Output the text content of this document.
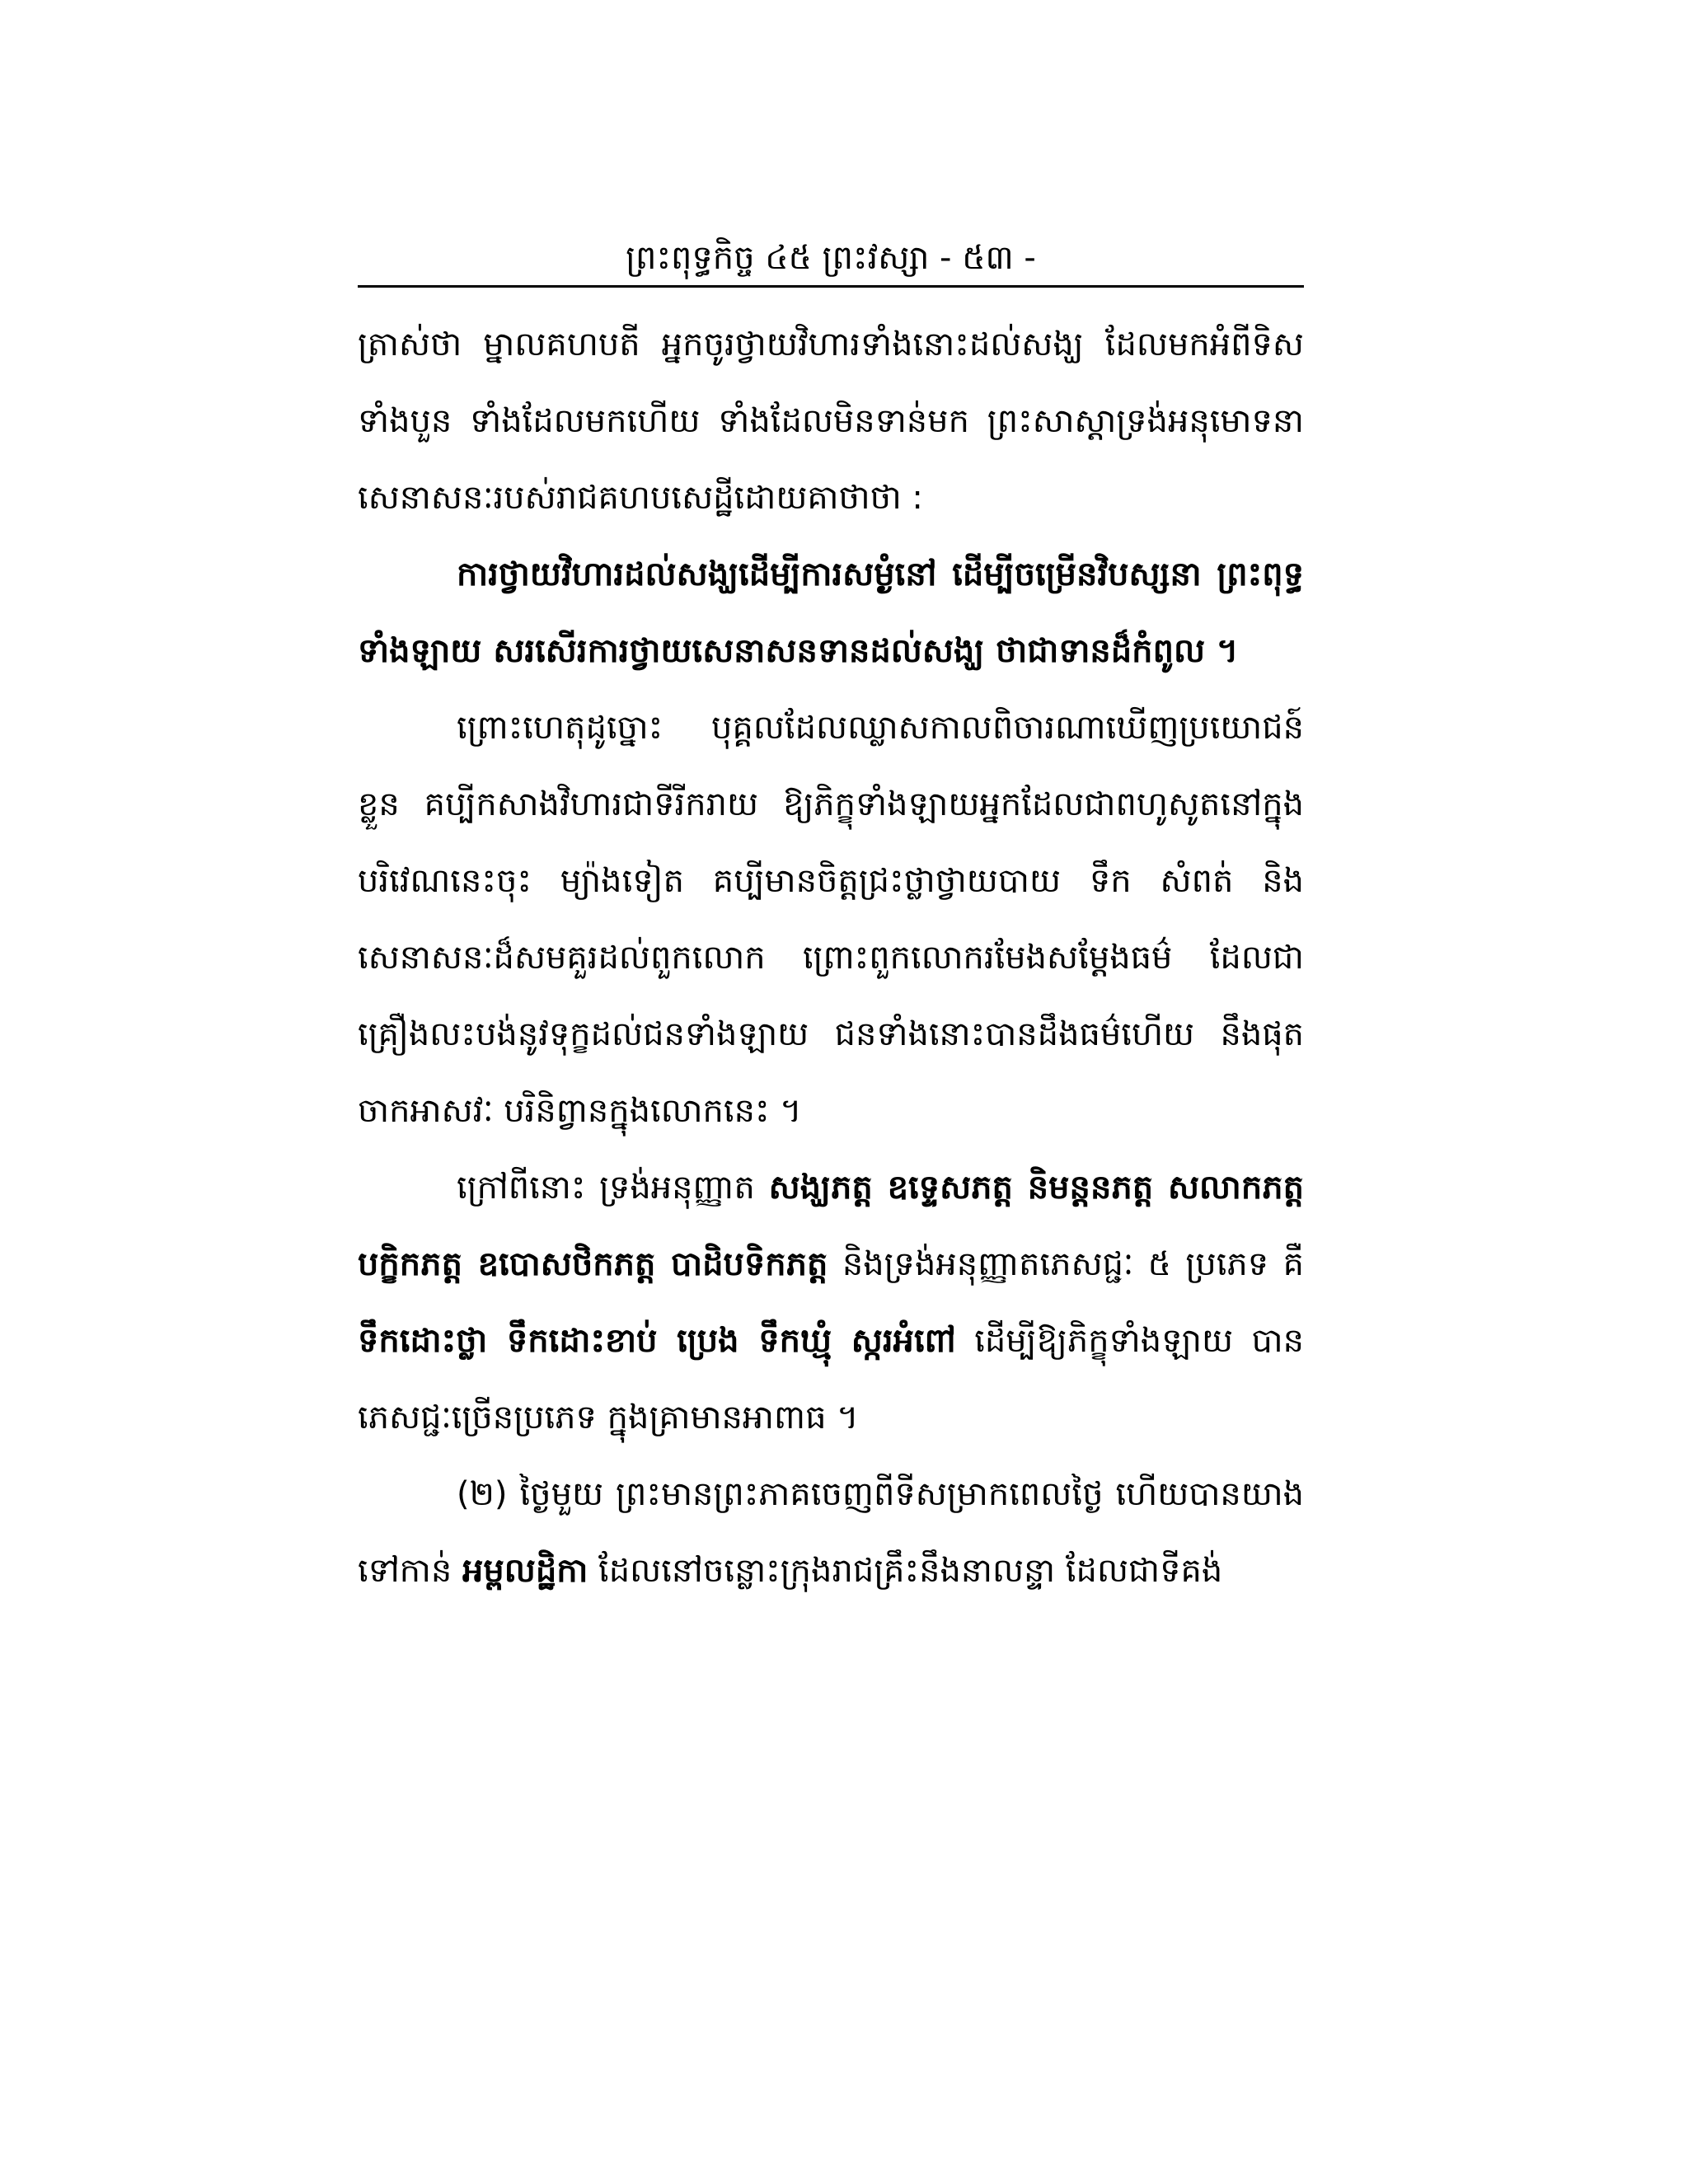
ព្រះពុទ្ធកិច្ច ៤៥ ព្រះវស្សា - ៥៣ -

ត្រាស់ថា ម្នាលគហបតី អ្នកចូរថ្វាយវិហារទាំងនោះដល់សង្ឃ ដែលមកអំពីទិសទាំងបួន ទាំងដែលមកហើយ ទាំងដែលមិនទាន់មក ព្រះសាស្ដាទ្រង់អនុមោទនាសេនាសនៈរបស់រាជគហបសេដ្ឋីដោយគាថាថា :

ការថ្វាយវិហារដល់សង្ឃដើម្បីការសម្ងំនៅ ដើម្បីចម្រើនវិបស្សនា ព្រះពុទ្ធទាំងឡាយ សរសើរការថ្វាយសេនាសនទានដល់សង្ឃ ថាជាទានដ៏កំពូល ។

ព្រោះហេតុដូច្នោះ បុគ្គលដែលឈ្លាសកាលពិចារណាឃើញប្រយោជន៍ខ្លួន គប្បីកសាងវិហារជាទីរីករាយ ឱ្យភិក្ខុទាំងឡាយអ្នកដែលជាពហូសូតនៅក្នុងបរិវេណនេះចុះ ម្យ៉ាងទៀត គប្បីមានចិត្តជ្រះថ្លាថ្វាយបាយ ទឹក សំពត់ និងសេនាសនៈដ៏សមគួរដល់ពួកលោក ព្រោះពួកលោករមែងសម្ដែងធម៌ ដែលជាគ្រឿងលះបង់នូវទុក្ខដល់ជនទាំងឡាយ ជនទាំងនោះបានដឹងធម៌ហើយ នឹងផុតចាកអាសវៈ បរិនិព្វានក្នុងលោកនេះ ។

ក្រៅពីនោះ ទ្រង់អនុញ្ញាត សង្ឃភត្ត ឧទ្ទេសភត្ត និមន្តនភត្ត សលាកភត្ត បក្ខិកភត្ត ឧបោសថិកភត្ត បាដិបទិកភត្ត និងទ្រង់អនុញ្ញាតភេសជ្ជៈ ៥ ប្រភេទ គឺ ទឹកដោះថ្លា ទឹកដោះខាប់ ប្រេង ទឹកឃ្មុំ ស្ករអំពៅ ដើម្បីឱ្យភិក្ខុទាំងឡាយ បានភេសជ្ជៈច្រើនប្រភេទ ក្នុងគ្រាមានអាពាធ ។

(២) ថ្ងៃមួយ ព្រះមានព្រះភាគចេញពីទីសម្រាកពេលថ្ងៃ ហើយបានយាងទៅកាន់ អម្ពលដ្ឋិកា ដែលនៅចន្លោះក្រុងរាជគ្រឹះនឹងនាលន្ទា ដែលជាទីគង់
